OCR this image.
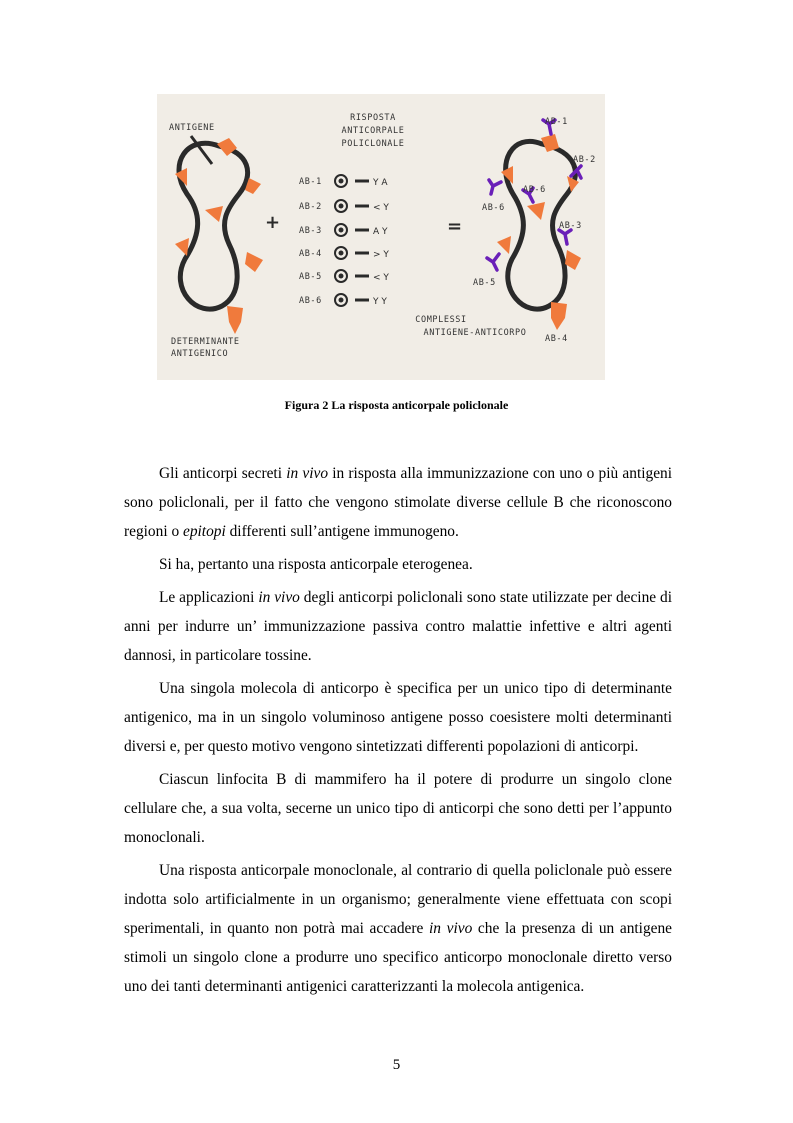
ANTIGENE
DETERMINANTE
ANTIGENICO
+
RISPOSTA
ANTICORPALE
POLICLONALE
AB-1	Y A
AB-2	< Y
AB-3	A Y
AB-4	> Y
AB-5	< Y
AB-6	Y Y
=
AB-1
AB-2
AB-6
AB-6
AB-3
AB-5
AB-4
COMPLESSI
ANTIGENE-ANTICORPO
Figura 2 La risposta anticorpale policlonale

Gli anticorpi secreti in vivo in risposta alla immunizzazione con uno o più antigeni sono policlonali, per il fatto che vengono stimolate diverse cellule B che riconoscono regioni o epitopi differenti sull’antigene immunogeno.

Si ha, pertanto una risposta anticorpale eterogenea.

Le applicazioni in vivo degli anticorpi policlonali sono state utilizzate per decine di anni per indurre un’ immunizzazione passiva contro malattie infettive e altri agenti dannosi, in particolare tossine.

Una singola molecola di anticorpo è specifica per un unico tipo di determinante antigenico, ma in un singolo voluminoso antigene posso coesistere molti determinanti diversi e, per questo motivo vengono sintetizzati differenti popolazioni di anticorpi.

Ciascun linfocita B di mammifero ha il potere di produrre un singolo clone cellulare che, a sua volta, secerne un unico tipo di anticorpi che sono detti per l’appunto monoclonali.

Una risposta anticorpale monoclonale, al contrario di quella policlonale può essere indotta solo artificialmente in un organismo; generalmente viene effettuata con scopi sperimentali, in quanto non potrà mai accadere in vivo che la presenza di un antigene stimoli un singolo clone a produrre uno specifico anticorpo monoclonale diretto verso uno dei tanti determinanti antigenici caratterizzanti la molecola antigenica.

5
